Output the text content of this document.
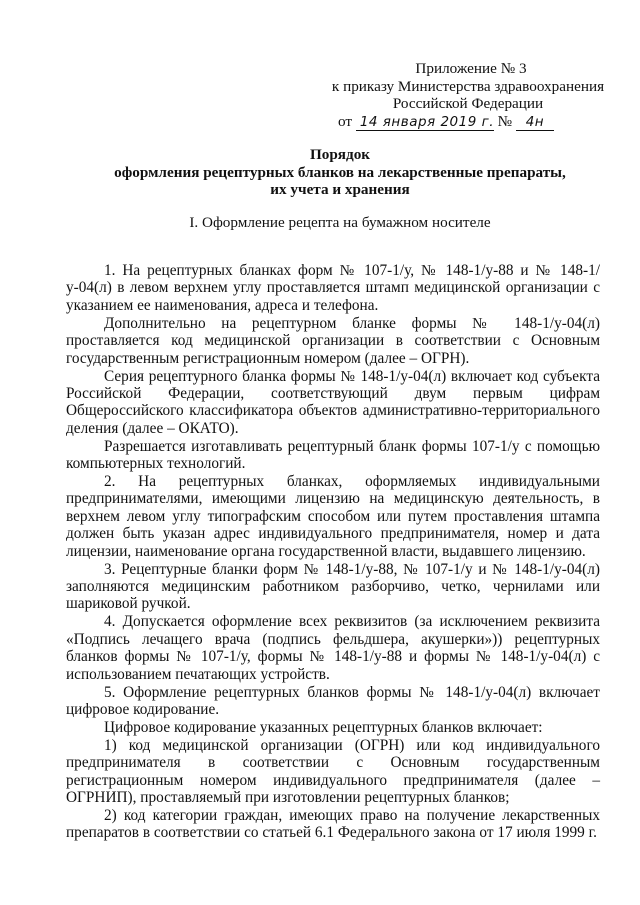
Приложение № 3
к приказу Министерства здравоохранения
Российской Федерации
от 14 января 2019 г. № 4н
Порядок
оформления рецептурных бланков на лекарственные препараты,
их учета и хранения
I. Оформление рецепта на бумажном носителе

1. На рецептурных бланках форм № 107-1/у, № 148-1/у-88 и № 148-1/у-04(л) в левом верхнем углу проставляется штамп медицинской организации с указанием ее наименования, адреса и телефона.

Дополнительно на рецептурном бланке формы № 148-1/у-04(л) проставляется код медицинской организации в соответствии с Основным государственным регистрационным номером (далее – ОГРН).

Серия рецептурного бланка формы № 148-1/у-04(л) включает код субъекта Российской Федерации, соответствующий двум первым цифрам Общероссийского классификатора объектов административно-территориального деления (далее – ОКАТО).

Разрешается изготавливать рецептурный бланк формы 107-1/у с помощью компьютерных технологий.

2. На рецептурных бланках, оформляемых индивидуальными предпринимателями, имеющими лицензию на медицинскую деятельность, в верхнем левом углу типографским способом или путем проставления штампа должен быть указан адрес индивидуального предпринимателя, номер и дата лицензии, наименование органа государственной власти, выдавшего лицензию.

3. Рецептурные бланки форм № 148-1/у-88, № 107-1/у и № 148-1/у-04(л) заполняются медицинским работником разборчиво, четко, чернилами или шариковой ручкой.

4. Допускается оформление всех реквизитов (за исключением реквизита «Подпись лечащего врача (подпись фельдшера, акушерки»)) рецептурных бланков формы № 107-1/у, формы № 148-1/у-88 и формы № 148-1/у-04(л) с использованием печатающих устройств.

5. Оформление рецептурных бланков формы № 148-1/у-04(л) включает цифровое кодирование.

Цифровое кодирование указанных рецептурных бланков включает:

1) код медицинской организации (ОГРН) или код индивидуального предпринимателя в соответствии с Основным государственным регистрационным номером индивидуального предпринимателя (далее – ОГРНИП), проставляемый при изготовлении рецептурных бланков;

2) код категории граждан, имеющих право на получение лекарственных препаратов в соответствии со статьей 6.1 Федерального закона от 17 июля 1999 г.
